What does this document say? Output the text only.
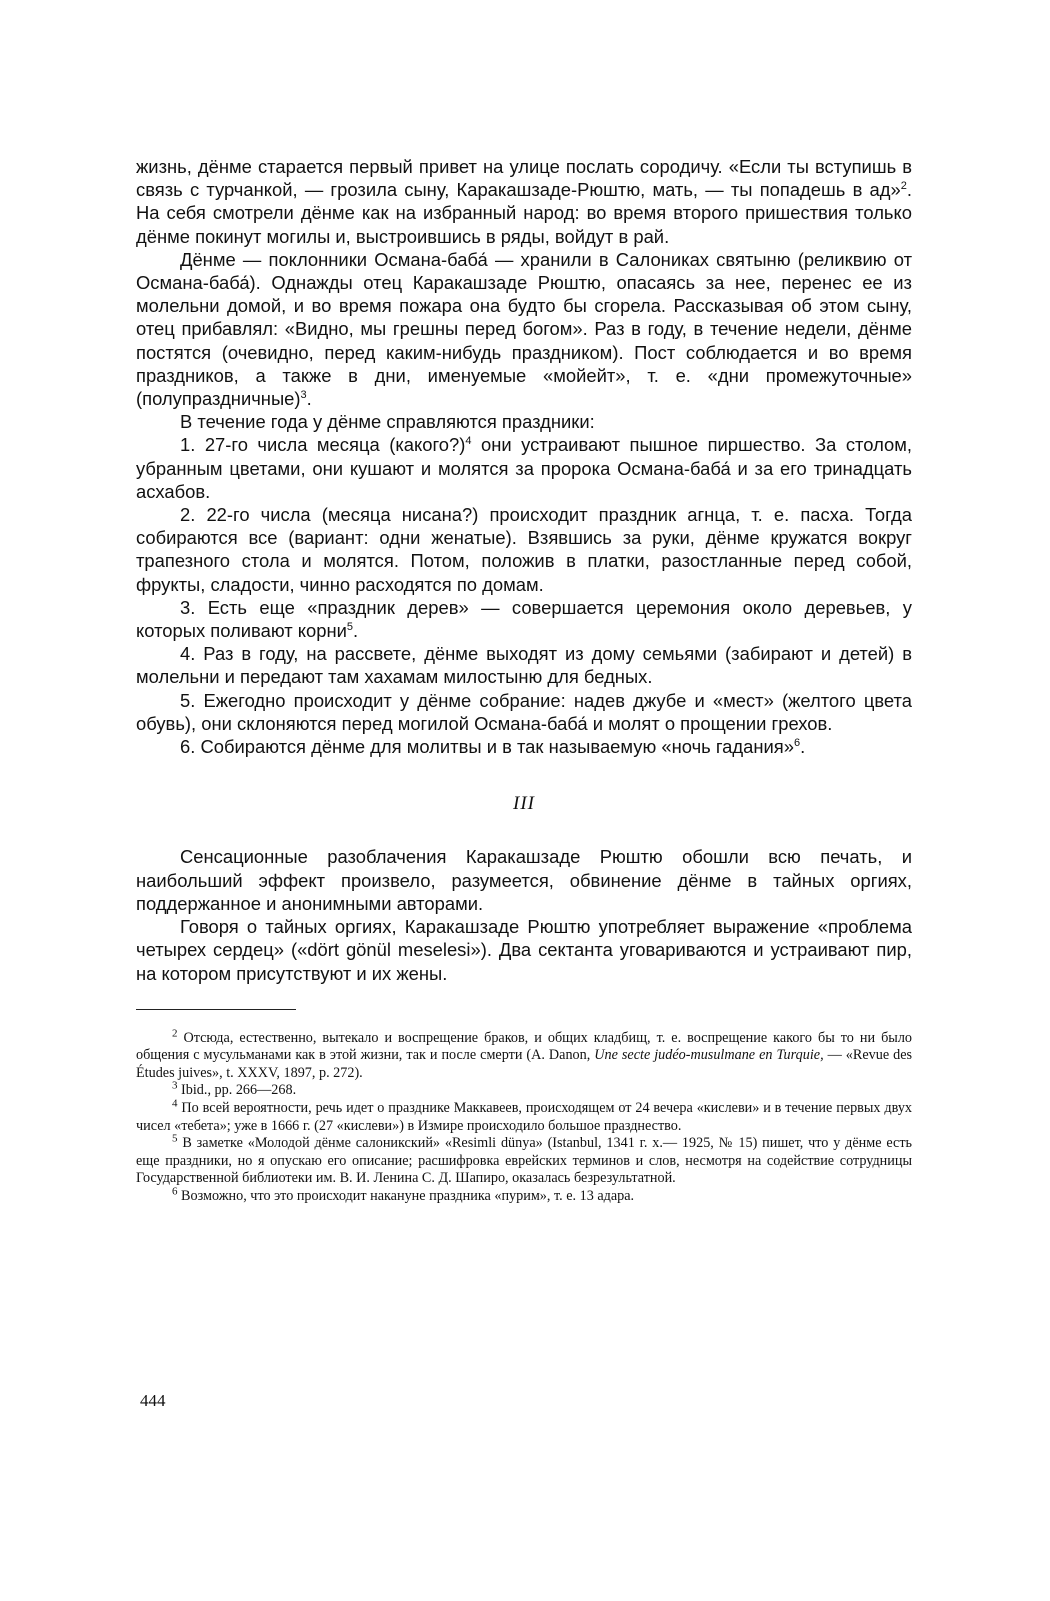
жизнь, дёнме старается первый привет на улице послать сородичу. «Если ты вступишь в связь с турчанкой, — грозила сыну, Каракашзаде-Рюштю, мать, — ты попадешь в ад»$^2$. На себя смотрели дёнме как на избранный народ: во время второго пришествия только дёнме покинут могилы и, выстроившись в ряды, войдут в рай.

Дёнме — поклонники Османа-баба́ — хранили в Салониках святыню (реликвию от Османа-баба́). Однажды отец Каракашзаде Рюштю, опасаясь за нее, перенес ее из молельни домой, и во время пожара она будто бы сгорела. Рассказывая об этом сыну, отец прибавлял: «Видно, мы грешны перед богом». Раз в году, в течение недели, дёнме постятся (очевидно, перед каким-нибудь праздником). Пост соблюдается и во время праздников, а также в дни, именуемые «мойейт», т. е. «дни промежуточные» (полупраздничные)$^3$.

В течение года у дёнме справляются праздники:

1. 27-го числа месяца (какого?)$^4$ они устраивают пышное пиршество. За столом, убранным цветами, они кушают и молятся за пророка Османа-баба́ и за его тринадцать асхабов.

2. 22-го числа (месяца нисана?) происходит праздник агнца, т. е. пасха. Тогда собираются все (вариант: одни женатые). Взявшись за руки, дёнме кружатся вокруг трапезного стола и молятся. Потом, положив в платки, разостланные перед собой, фрукты, сладости, чинно расходятся по домам.

3. Есть еще «праздник дерев» — совершается церемония около деревьев, у которых поливают корни$^5$.

4. Раз в году, на рассвете, дёнме выходят из дому семьями (забирают и детей) в молельни и передают там хахамам милостыню для бедных.

5. Ежегодно происходит у дёнме собрание: надев джубе и «мест» (желтого цвета обувь), они склоняются перед могилой Османа-баба́ и молят о прощении грехов.

6. Собираются дёнме для молитвы и в так называемую «ночь гадания»$^6$.

III

Сенсационные разоблачения Каракашзаде Рюштю обошли всю печать, и наибольший эффект произвело, разумеется, обвинение дёнме в тайных оргиях, поддержанное и анонимными авторами.

Говоря о тайных оргиях, Каракашзаде Рюштю употребляет выражение «проблема четырех сердец» («dört gönül meselesi»). Два сектанта уговариваются и устраивают пир, на котором присутствуют и их жены.

$^2$ Отсюда, естественно, вытекало и воспрещение браков, и общих кладбищ, т. е. воспрещение какого бы то ни было общения с мусульманами как в этой жизни, так и после смерти (A. Danon, Une secte judéo-musulmane en Turquie, — «Revue des Études juives», t. XXXV, 1897, p. 272).

$^3$ Ibid., pp. 266—268.

$^4$ По всей вероятности, речь идет о празднике Маккавеев, происходящем от 24 вечера «кислеви» и в течение первых двух чисел «тебета»; уже в 1666 г. (27 «кислеви») в Измире происходило большое празднество.

$^5$ В заметке «Молодой дёнме салоникский» «Resimli dünya» (Istanbul, 1341 г. х.— 1925, № 15) пишет, что у дёнме есть еще праздники, но я опускаю его описание; расшифровка еврейских терминов и слов, несмотря на содействие сотрудницы Государственной библиотеки им. В. И. Ленина С. Д. Шапиро, оказалась безрезультатной.

$^6$ Возможно, что это происходит накануне праздника «пурим», т. е. 13 адара.

444
